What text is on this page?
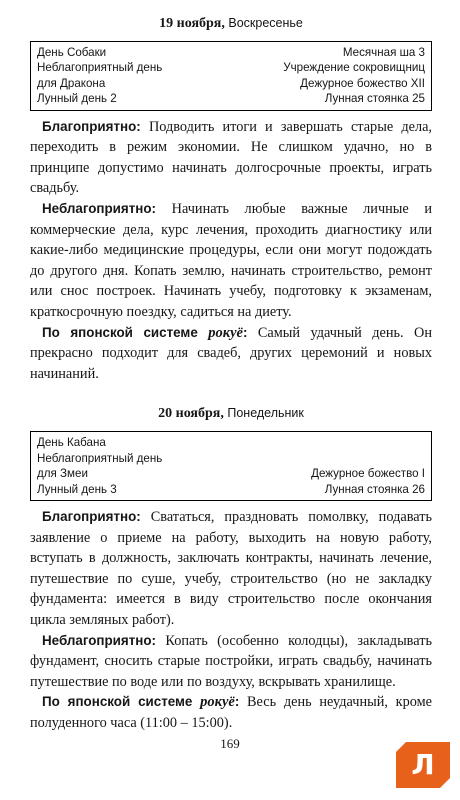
19 ноября, Воскресенье
День Собаки
Неблагоприятный день
для Дракона
Лунный день 2
Месячная ша 3
Учреждение сокровищниц
Дежурное божество XII
Лунная стоянка 25

Благоприятно: Подводить итоги и завершать старые дела, переходить в режим экономии. Не слишком удачно, но в принципе допустимо начинать долгосрочные проекты, играть свадьбу.

Неблагоприятно: Начинать любые важные личные и коммерческие дела, курс лечения, проходить диагностику или какие-либо медицинские процедуры, если они могут подождать до другого дня. Копать землю, начинать строительство, ремонт или снос построек. Начинать учебу, подготовку к экзаменам, краткосрочную поездку, садиться на диету.

По японской системе рокуё: Самый удачный день. Он прекрасно подходит для свадеб, других церемоний и новых начинаний.

20 ноября, Понедельник
День Кабана
Неблагоприятный день
для Змеи
Лунный день 3
Дежурное божество I
Лунная стоянка 26

Благоприятно: Свататься, праздновать помолвку, подавать заявление о приеме на работу, выходить на новую работу, вступать в должность, заключать контракты, начинать лечение, путешествие по суше, учебу, строительство (но не закладку фундамента: имеется в виду строительство после окончания цикла земляных работ).

Неблагоприятно: Копать (особенно колодцы), закладывать фундамент, сносить старые постройки, играть свадьбу, начинать путешествие по воде или по воздуху, вскрывать хранилище.

По японской системе рокуё: Весь день неудачный, кроме полуденного часа (11:00 – 15:00).

169
Л
